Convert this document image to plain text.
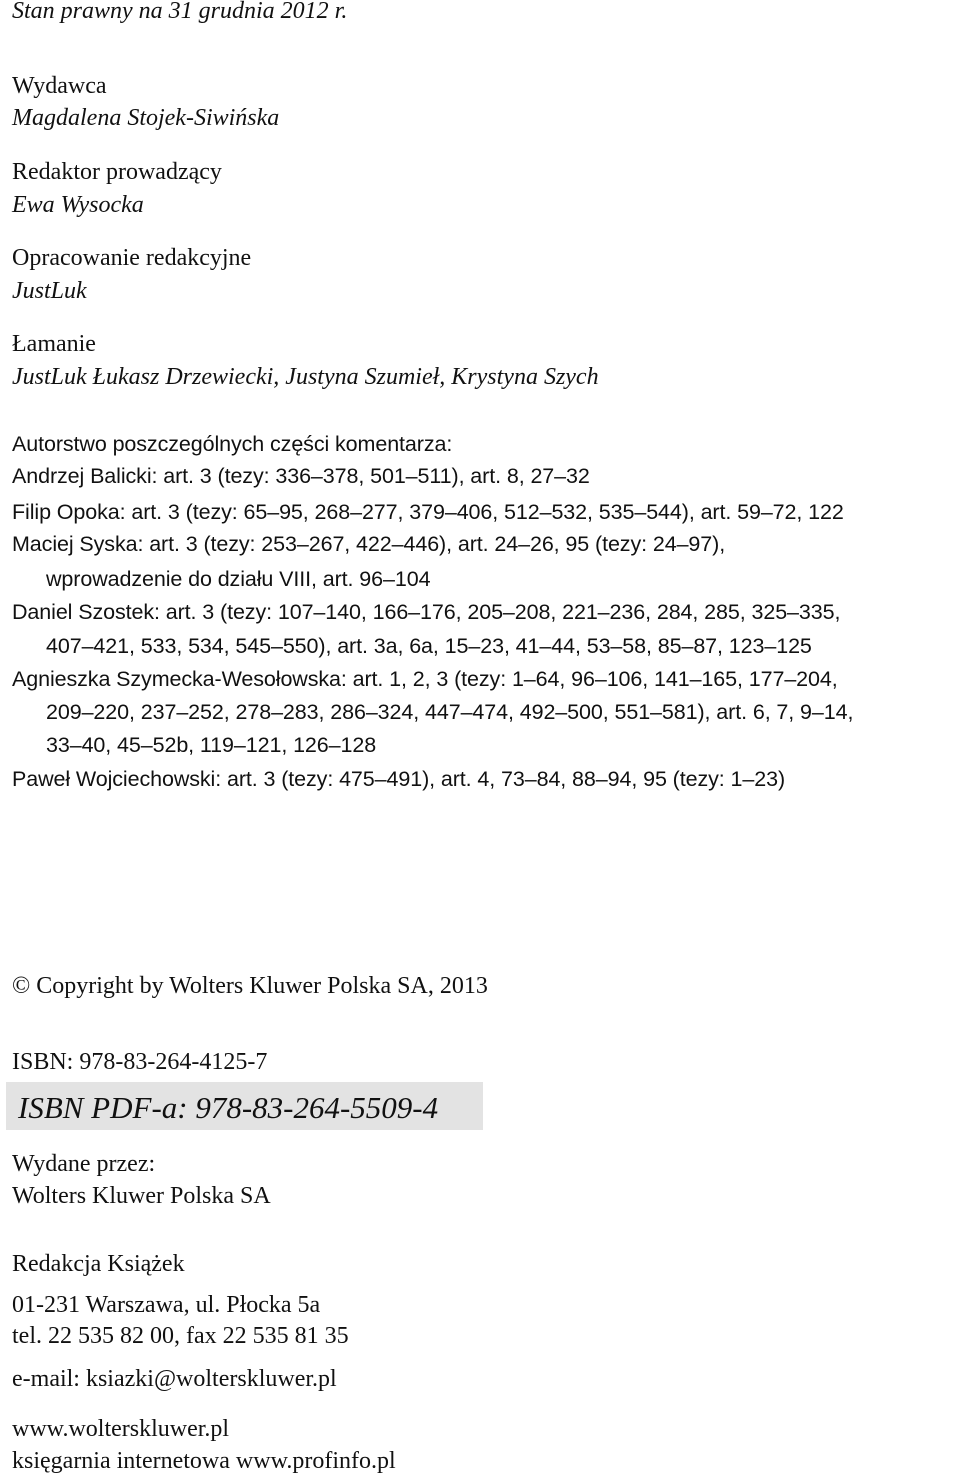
Stan prawny na 31 grudnia 2012 r.
Wydawca
Magdalena Stojek-Siwińska
Redaktor prowadzący
Ewa Wysocka
Opracowanie redakcyjne
JustLuk
Łamanie
JustLuk Łukasz Drzewiecki, Justyna Szumieł, Krystyna Szych
Autorstwo poszczególnych części komentarza:
Andrzej Balicki: art. 3 (tezy: 336–378, 501–511), art. 8, 27–32
Filip Opoka: art. 3 (tezy: 65–95, 268–277, 379–406, 512–532, 535–544), art. 59–72, 122
Maciej Syska: art. 3 (tezy: 253–267, 422–446), art. 24–26, 95 (tezy: 24–97),
wprowadzenie do działu VIII, art. 96–104
Daniel Szostek: art. 3 (tezy: 107–140, 166–176, 205–208, 221–236, 284, 285, 325–335,
407–421, 533, 534, 545–550), art. 3a, 6a, 15–23, 41–44, 53–58, 85–87, 123–125
Agnieszka Szymecka-Wesołowska: art. 1, 2, 3 (tezy: 1–64, 96–106, 141–165, 177–204,
209–220, 237–252, 278–283, 286–324, 447–474, 492–500, 551–581), art. 6, 7, 9–14,
33–40, 45–52b, 119–121, 126–128
Paweł Wojciechowski: art. 3 (tezy: 475–491), art. 4, 73–84, 88–94, 95 (tezy: 1–23)
© Copyright by Wolters Kluwer Polska SA, 2013
ISBN: 978-83-264-4125-7
ISBN PDF-a: 978-83-264-5509-4
Wydane przez:
Wolters Kluwer Polska SA
Redakcja Książek
01-231 Warszawa, ul. Płocka 5a
tel. 22 535 82 00, fax 22 535 81 35
e-mail: ksiazki@wolterskluwer.pl
www.wolterskluwer.pl
księgarnia internetowa www.profinfo.pl
